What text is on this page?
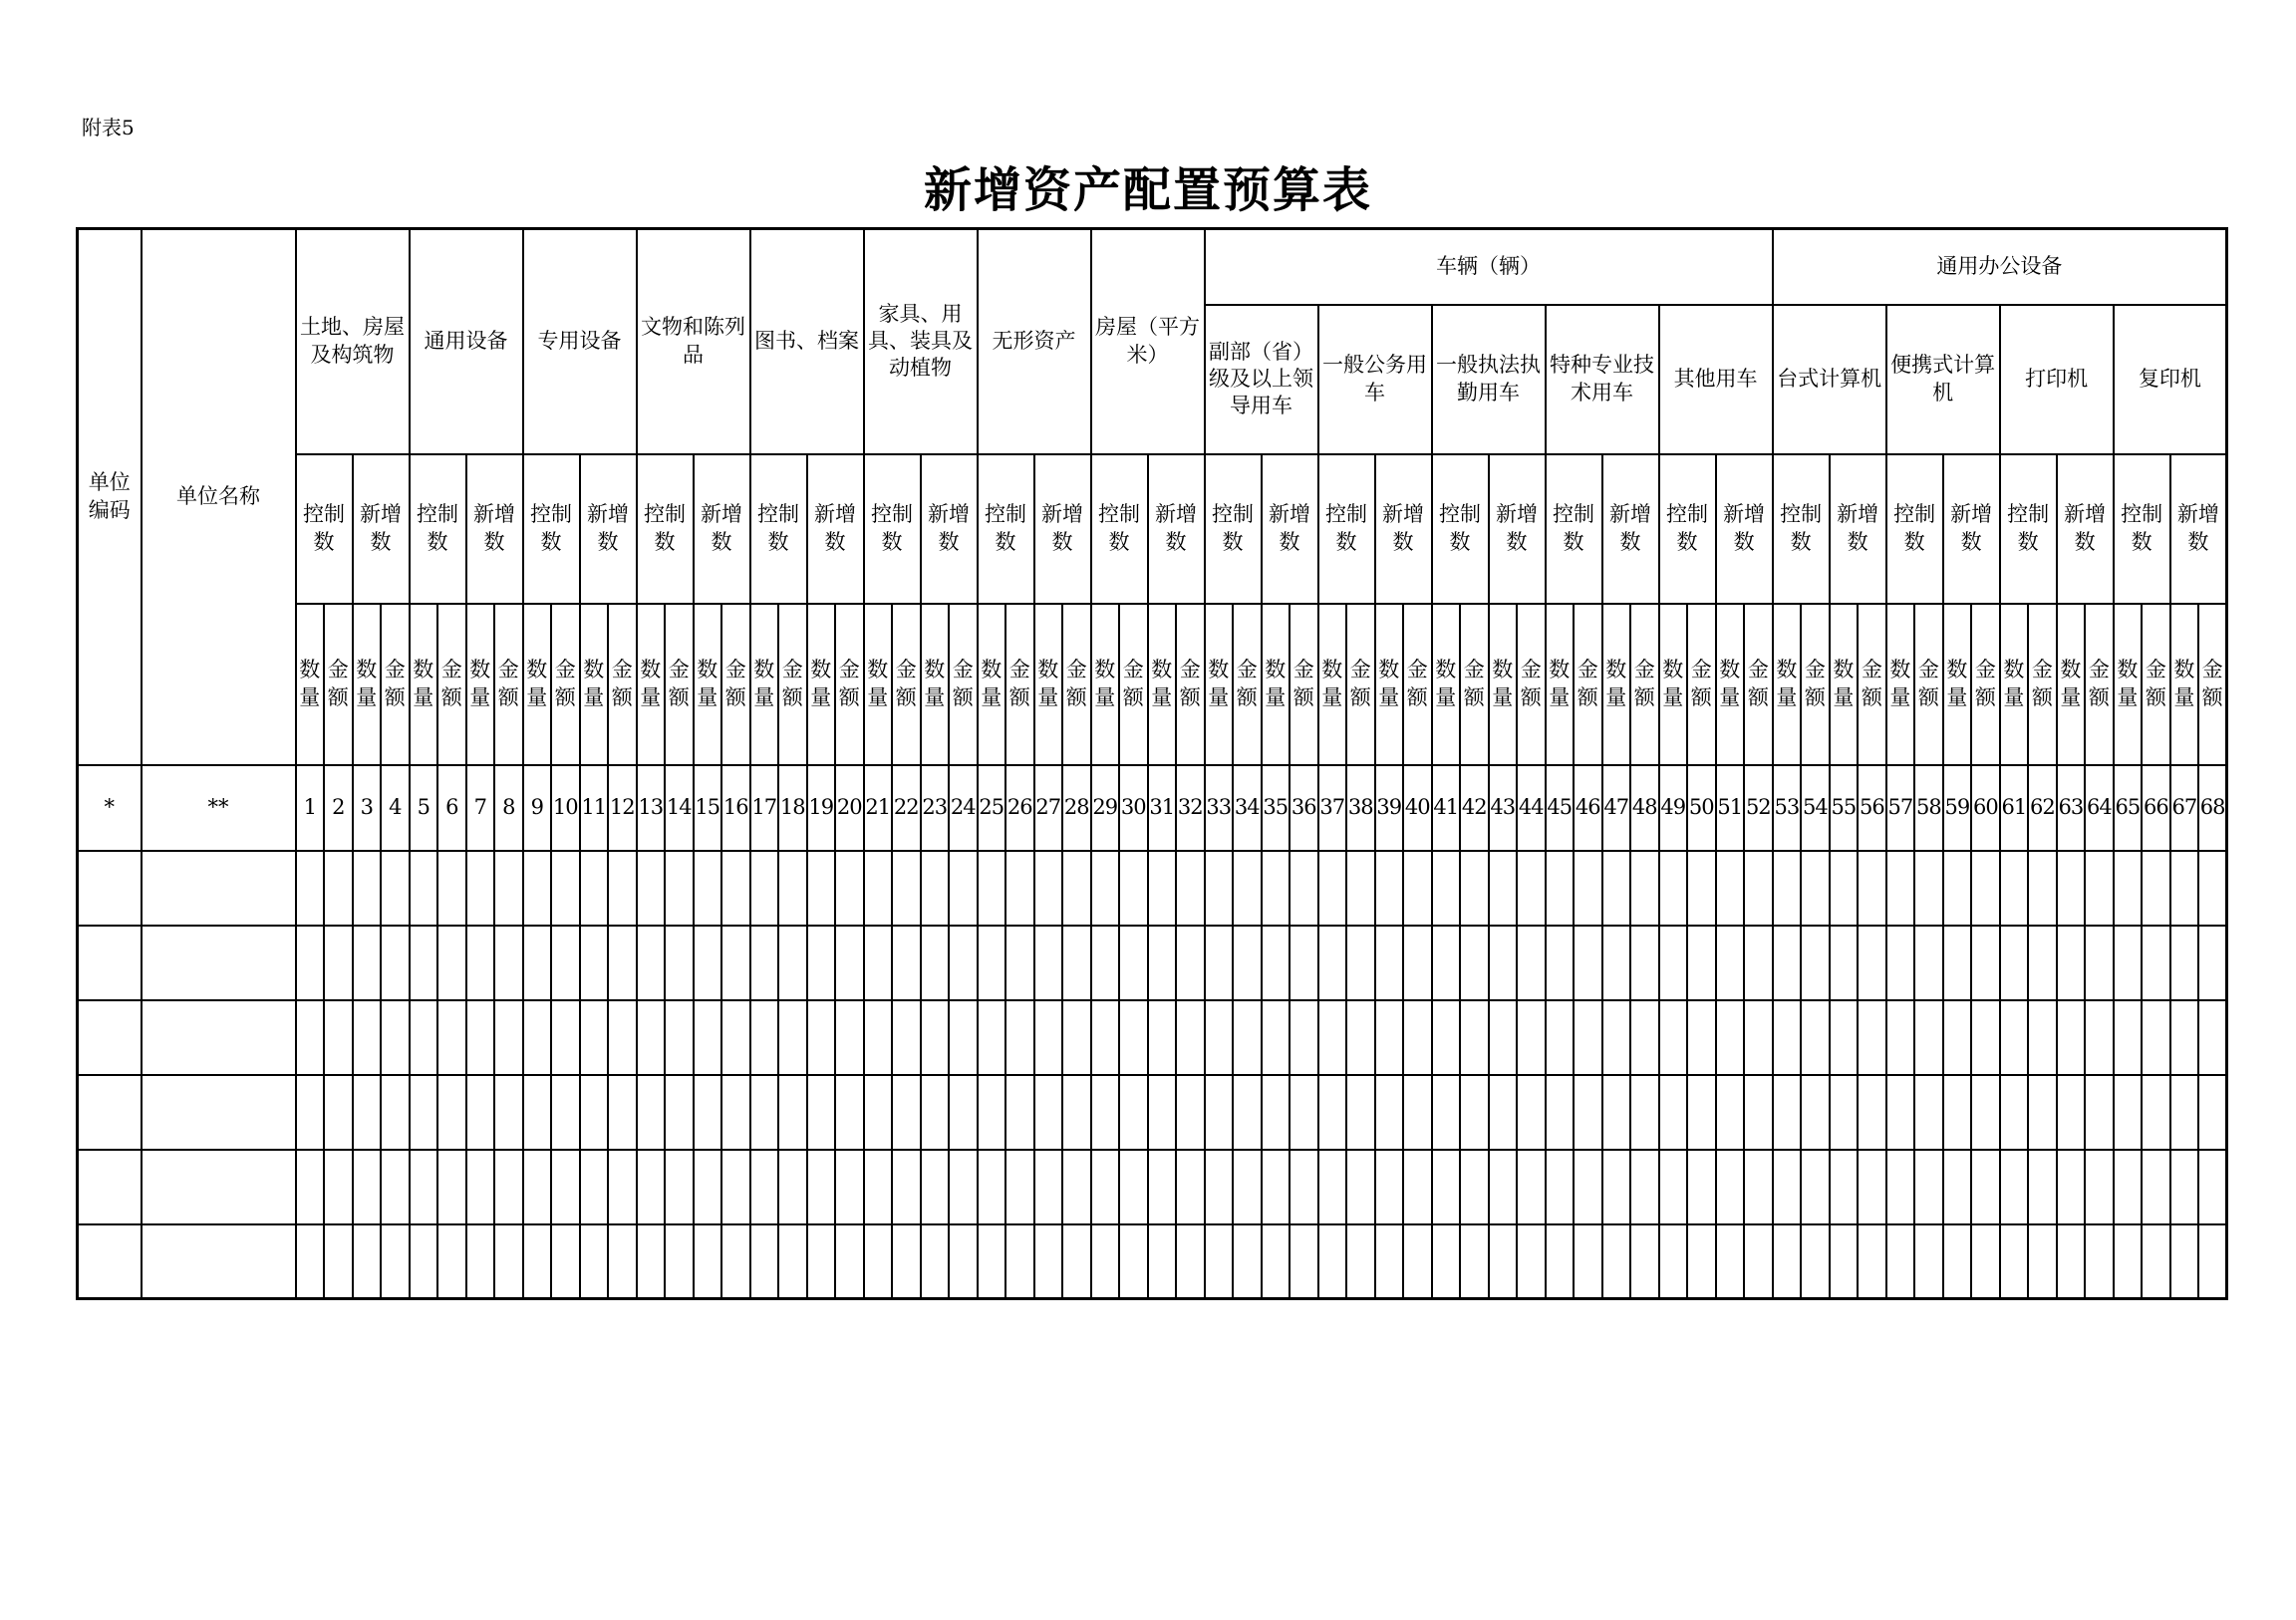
附表5
新增资产配置预算表
单位编码	单位名称	土地、房屋及构筑物	通用设备	专用设备	文物和陈列品	图书、档案	家具、用具、装具及动植物	无形资产	房屋（平方米）	车辆（辆）	通用办公设备
副部（省）级及以上领导用车	一般公务用车	一般执法执勤用车	特种专业技术用车	其他用车	台式计算机	便携式计算机	打印机	复印机
控制数	新增数	控制数	新增数	控制数	新增数	控制数	新增数	控制数	新增数	控制数	新增数	控制数	新增数	控制数	新增数	控制数	新增数	控制数	新增数	控制数	新增数	控制数	新增数	控制数	新增数	控制数	新增数	控制数	新增数	控制数	新增数	控制数	新增数
数量	金额	数量	金额	数量	金额	数量	金额	数量	金额	数量	金额	数量	金额	数量	金额	数量	金额	数量	金额	数量	金额	数量	金额	数量	金额	数量	金额	数量	金额	数量	金额	数量	金额	数量	金额	数量	金额	数量	金额	数量	金额	数量	金额	数量	金额	数量	金额	数量	金额	数量	金额	数量	金额	数量	金额	数量	金额	数量	金额	数量	金额	数量	金额	数量	金额	数量	金额
*	**	1	2	3	4	5	6	7	8	9	10	11	12	13	14	15	16	17	18	19	20	21	22	23	24	25	26	27	28	29	30	31	32	33	34	35	36	37	38	39	40	41	42	43	44	45	46	47	48	49	50	51	52	53	54	55	56	57	58	59	60	61	62	63	64	65	66	67	68
